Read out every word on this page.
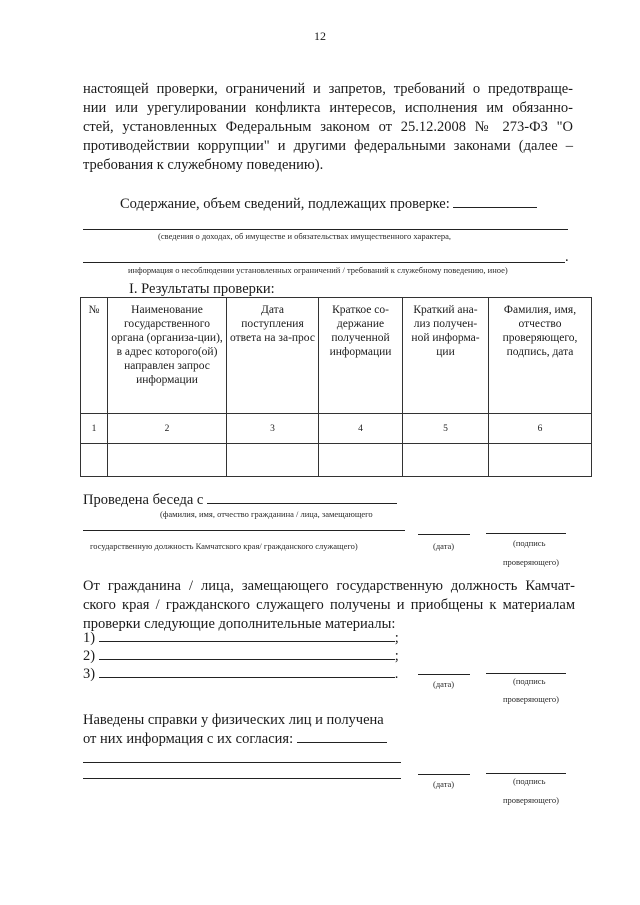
12
настоящей проверки, ограничений и запретов, требований о предотвраще-
нии или урегулировании конфликта интересов, исполнения им обязанно-
стей, установленных Федеральным законом от 25.12.2008 № 273-ФЗ "О
противодействии коррупции" и другими федеральными законами (далее –
требования к служебному поведению).
Содержание, объем сведений, подлежащих проверке:
(сведения о доходах, об имуществе и обязательствах имущественного характера,
.
информация о несоблюдении установленных ограничений / требований к служебному поведению, иное)
I. Результаты проверки:
№	Наименование государственного органа (организа-ции), в адрес которого(ой) направлен запрос информации	Дата поступления ответа на за-прос	Краткое со-держание полученной информации	Краткий ана-лиз получен-ной информа-ции	Фамилия, имя, отчество проверяющего, подпись, дата
1	2	3	4	5	6

Проведена беседа с
(фамилия, имя, отчество гражданина / лица, замещающего
государственную должность Камчатского края/ гражданского служащего)	(дата)	(подпись
проверяющего)
От гражданина / лица, замещающего государственную должность Камчат-
ского края / гражданского служащего получены и приобщены к материалам
проверки следующие дополнительные материалы:
1)	;
2)	;
3)	.
(дата)	(подпись
проверяющего)
Наведены справки у физических лиц и получена
от них информация с их согласия:
(дата)	(подпись
проверяющего)
